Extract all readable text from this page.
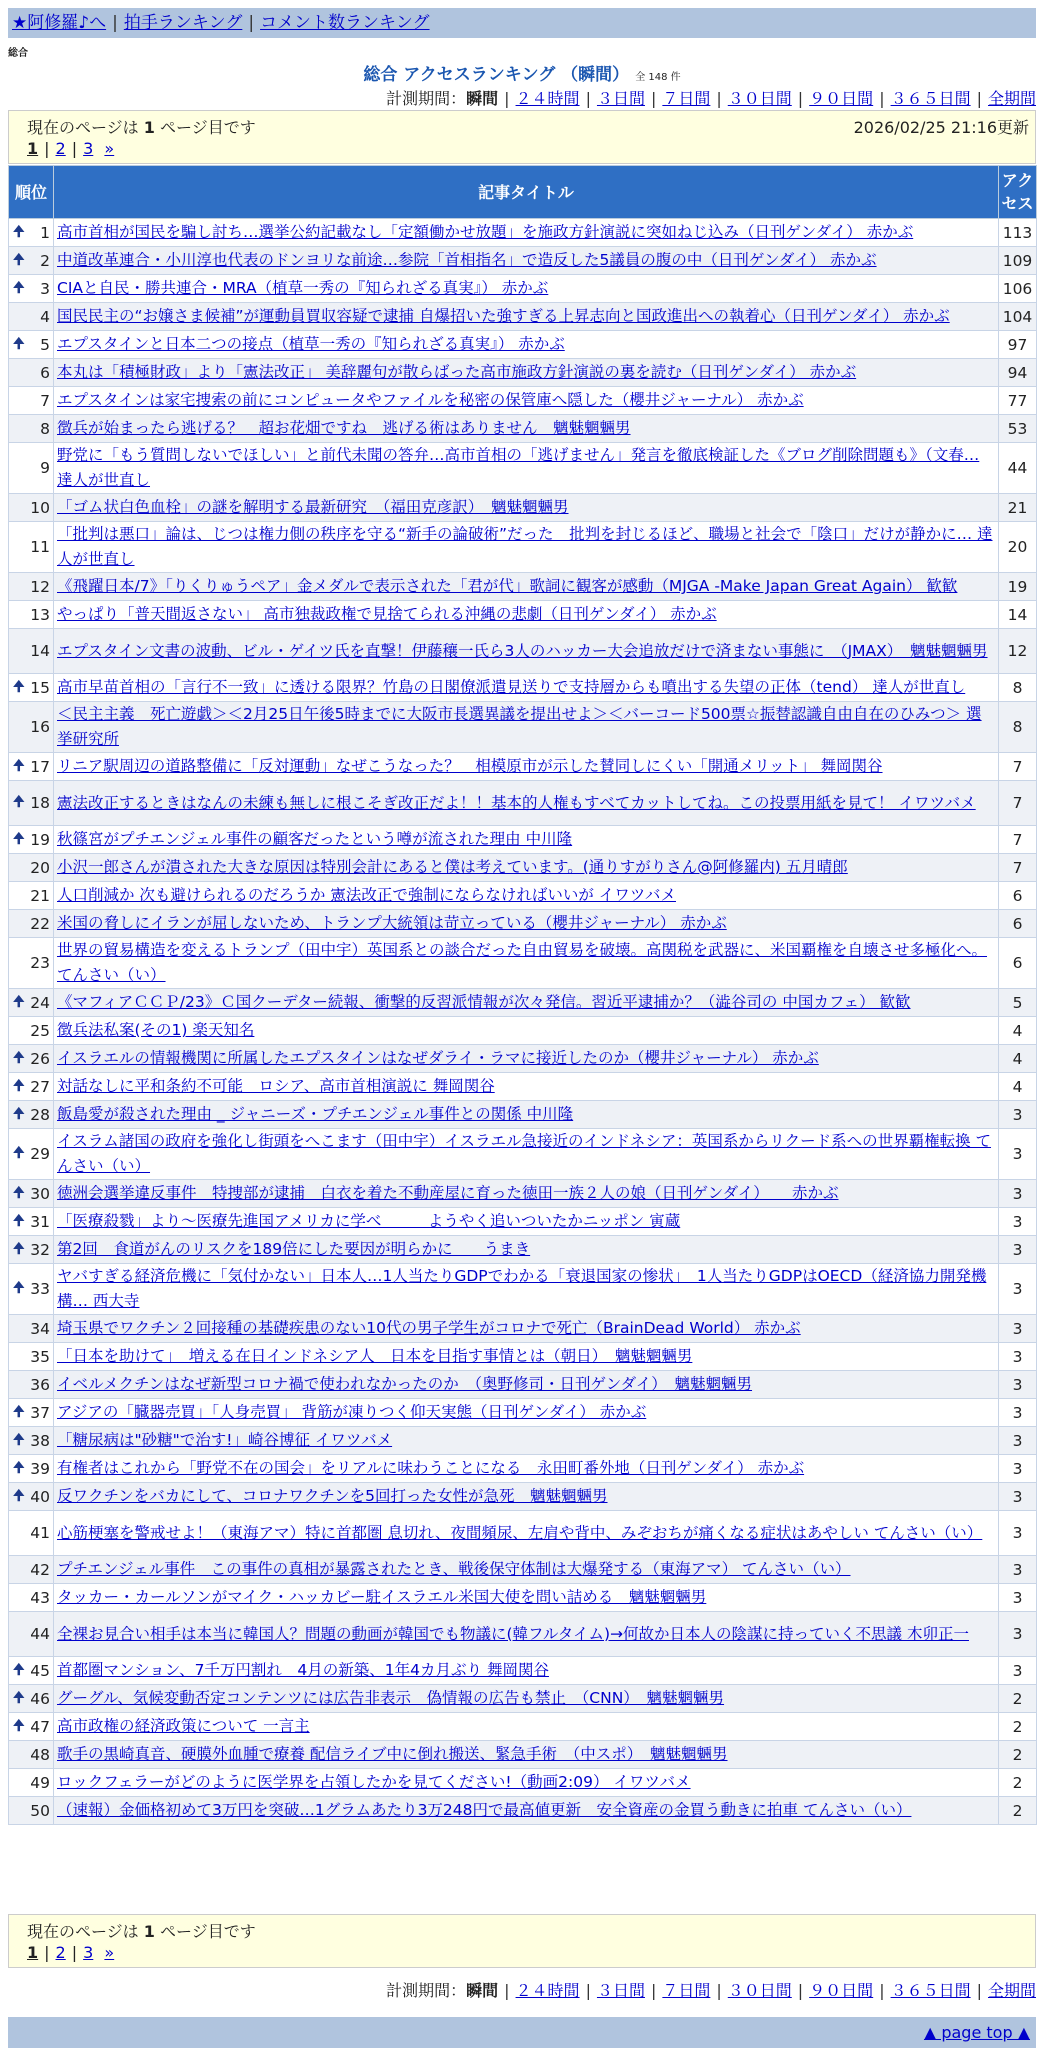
★阿修羅♪へ | 拍手ランキング | コメント数ランキング
総合
総合 アクセスランキング （瞬間） 全 148 件
計測期間：瞬間 | ２４時間 | ３日間 | ７日間 | ３０日間 | ９０日間 | ３６５日間 | 全期間
現在のページは 1 ページ目です	2026/02/25 21:16更新
1 | 2 | 3 »
順位	記事タイトル	アクセス

🠉 1	高市首相が国民を騙し討ち…選挙公約記載なし「定額働かせ放題」を施政方針演説に突如ねじ込み（日刊ゲンダイ） 赤かぶ	113

🠉 2	中道改革連合・小川淳也代表のドンヨリな前途…参院「首相指名」で造反した5議員の腹の中（日刊ゲンダイ） 赤かぶ	109

🠉 3	CIAと自民・勝共連合・MRA（植草一秀の『知られざる真実』） 赤かぶ	106
4	国民民主の“お嬢さま候補”が運動員買収容疑で逮捕 自爆招いた強すぎる上昇志向と国政進出への執着心（日刊ゲンダイ） 赤かぶ	104

🠉 5	エプスタインと日本二つの接点（植草一秀の『知られざる真実』） 赤かぶ	97
6	本丸は「積極財政」より「憲法改正」 美辞麗句が散らばった高市施政方針演説の裏を読む（日刊ゲンダイ） 赤かぶ	94
7	エプスタインは家宅捜索の前にコンピュータやファイルを秘密の保管庫へ隠した（櫻井ジャーナル） 赤かぶ	77
8	徴兵が始まったら逃げる？　超お花畑ですね　逃げる術はありません　魑魅魍魎男	53
9	野党に「もう質問しないでほしい」と前代未聞の答弁…高市首相の「逃げません」発言を徹底検証した《ブログ削除問題も》（文春… 達人が世直し	44
10	「ゴム状白色血栓」の謎を解明する最新研究　（福田克彦訳）　魑魅魍魎男	21
11	「批判は悪口」論は、じつは権力側の秩序を守る“新手の論破術”だった　批判を封じるほど、職場と社会で「陰口」だけが静かに… 達人が世直し	20
12	《飛躍日本/7》「りくりゅうペア」金メダルで表示された「君が代」歌詞に観客が感動（MJGA -Make Japan Great Again） 歓歓	19
13	やっぱり「普天間返さない」 高市独裁政権で見捨てられる沖縄の悲劇（日刊ゲンダイ） 赤かぶ	14
14	エプスタイン文書の波動、ビル・ゲイツ氏を直撃！伊藤穰一氏ら3人のハッカー大会追放だけで済まない事態に　（JMAX）　魑魅魍魎男	12

🠉 15	高市早苗首相の「言行不一致」に透ける限界？竹島の日閣僚派遣見送りで支持層からも噴出する失望の正体（tend） 達人が世直し	8
16	＜民主主義　死亡遊戯＞＜2月25日午後5時までに大阪市長選異議を提出せよ＞＜バーコード500票☆振替認識自由自在のひみつ＞ 選挙研究所	8

🠉 17	リニア駅周辺の道路整備に「反対運動」なぜこうなった？　相模原市が示した賛同しにくい「開通メリット」 舞岡関谷	7

🠉 18	憲法改正するときはなんの未練も無しに根こそぎ改正だよ！！基本的人権もすべてカットしてね。この投票用紙を見て！ イワツバメ	7

🠉 19	秋篠宮がプチエンジェル事件の顧客だったという噂が流された理由 中川隆	7
20	小沢一郎さんが潰された大きな原因は特別会計にあると僕は考えています。(通りすがりさん@阿修羅内) 五月晴郎	7
21	人口削減か 次も避けられるのだろうか 憲法改正で強制にならなければいいが イワツバメ	6
22	米国の脅しにイランが屈しないため、トランプ大統領は苛立っている（櫻井ジャーナル） 赤かぶ	6
23	世界の貿易構造を変えるトランプ（田中宇）英国系との談合だった自由貿易を破壊。高関税を武器に、米国覇権を自壊させ多極化へ。 てんさい（い）	6

🠉 24	《マフィアＣＣＰ/23》Ｃ国クーデター続報、衝撃的反習派情報が次々発信。習近平逮捕か？（澁谷司の 中国カフェ） 歓歓	5
25	徴兵法私案(その1) 楽天知名	4

🠉 26	イスラエルの情報機関に所属したエプスタインはなぜダライ・ラマに接近したのか（櫻井ジャーナル） 赤かぶ	4

🠉 27	対話なしに平和条約不可能　ロシア、高市首相演説に 舞岡関谷	4

🠉 28	飯島愛が殺された理由 _ ジャニーズ・プチエンジェル事件との関係 中川隆	3

🠉 29	イスラム諸国の政府を強化し街頭をへこます（田中宇）イスラエル急接近のインドネシア：英国系からリクード系への世界覇権転換 てんさい（い）	3

🠉 30	徳洲会選挙違反事件　特捜部が逮捕　白衣を着た不動産屋に育った徳田一族２人の娘（日刊ゲンダイ）　　赤かぶ	3

🠉 31	「医療殺戮」より～医療先進国アメリカに学べ　　　ようやく追いついたかニッポン 寅蔵	3

🠉 32	第2回　食道がんのリスクを189倍にした要因が明らかに　　うまき	3

🠉 33	ヤバすぎる経済危機に「気付かない」日本人…1人当たりGDPでわかる「衰退国家の惨状」　1人当たりGDPはOECD（経済協力開発機構… 西大寺	3
34	埼玉県でワクチン２回接種の基礎疾患のない10代の男子学生がコロナで死亡（BrainDead World） 赤かぶ	3
35	「日本を助けて」　増える在日インドネシア人　日本を目指す事情とは（朝日）　魑魅魍魎男	3
36	イベルメクチンはなぜ新型コロナ禍で使われなかったのか　（奥野修司・日刊ゲンダイ）　魑魅魍魎男	3

🠉 37	アジアの「臓器売買」「人身売買」 背筋が凍りつく仰天実態（日刊ゲンダイ） 赤かぶ	3

🠉 38	「糖尿病は"砂糖"で治す!」崎谷博征 イワツバメ	3

🠉 39	有権者はこれから「野党不在の国会」をリアルに味わうことになる　永田町番外地（日刊ゲンダイ） 赤かぶ	3

🠉 40	反ワクチンをバカにして、コロナワクチンを5回打った女性が急死　魑魅魍魎男	3
41	心筋梗塞を警戒せよ！（東海アマ）特に首都圏 息切れ、夜間頻尿、左肩や背中、みぞおちが痛くなる症状はあやしい てんさい（い）	3
42	プチエンジェル事件　この事件の真相が暴露されたとき、戦後保守体制は大爆発する（東海アマ） てんさい（い）	3
43	タッカー・カールソンがマイク・ハッカビー駐イスラエル米国大使を問い詰める　魑魅魍魎男	3
44	全裸お見合い相手は本当に韓国人？問題の動画が韓国でも物議に(韓フルタイム)→何故か日本人の陰謀に持っていく不思議 木卯正一	3

🠉 45	首都圏マンション、7千万円割れ　4月の新築、1年4カ月ぶり 舞岡関谷	3

🠉 46	グーグル、気候変動否定コンテンツには広告非表示　偽情報の広告も禁止　（CNN）　魑魅魍魎男	2

🠉 47	高市政権の経済政策について 一言主	2
48	歌手の黒崎真音、硬膜外血腫で療養 配信ライブ中に倒れ搬送、緊急手術　（中スポ）　魑魅魍魎男	2
49	ロックフェラーがどのように医学界を占領したかを見てください!（動画2:09） イワツバメ	2
50	（速報）金価格初めて3万円を突破…1グラムあたり3万248円で最高値更新　安全資産の金買う動きに拍車 てんさい（い）	2
現在のページは 1 ページ目です
1 | 2 | 3 »
計測期間：瞬間 | ２４時間 | ３日間 | ７日間 | ３０日間 | ９０日間 | ３６５日間 | 全期間
▲ page top ▲
